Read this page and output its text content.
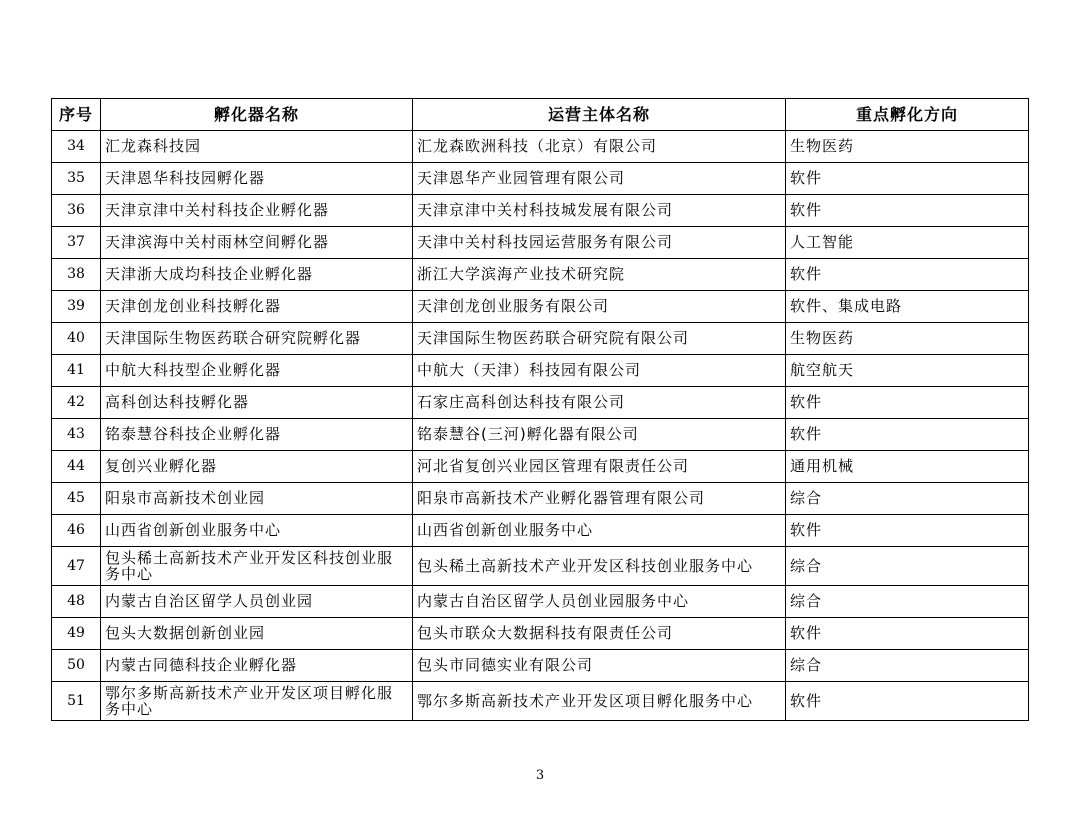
序号	孵化器名称	运营主体名称	重点孵化方向
34	汇龙森科技园	汇龙森欧洲科技（北京）有限公司	生物医药
35	天津恩华科技园孵化器	天津恩华产业园管理有限公司	软件
36	天津京津中关村科技企业孵化器	天津京津中关村科技城发展有限公司	软件
37	天津滨海中关村雨林空间孵化器	天津中关村科技园运营服务有限公司	人工智能
38	天津浙大成均科技企业孵化器	浙江大学滨海产业技术研究院	软件
39	天津创龙创业科技孵化器	天津创龙创业服务有限公司	软件、集成电路
40	天津国际生物医药联合研究院孵化器	天津国际生物医药联合研究院有限公司	生物医药
41	中航大科技型企业孵化器	中航大（天津）科技园有限公司	航空航天
42	高科创达科技孵化器	石家庄高科创达科技有限公司	软件
43	铭泰慧谷科技企业孵化器	铭泰慧谷(三河)孵化器有限公司	软件
44	复创兴业孵化器	河北省复创兴业园区管理有限责任公司	通用机械
45	阳泉市高新技术创业园	阳泉市高新技术产业孵化器管理有限公司	综合
46	山西省创新创业服务中心	山西省创新创业服务中心	软件
47	包头稀土高新技术产业开发区科技创业服务中心	包头稀土高新技术产业开发区科技创业服务中心	综合
48	内蒙古自治区留学人员创业园	内蒙古自治区留学人员创业园服务中心	综合
49	包头大数据创新创业园	包头市联众大数据科技有限责任公司	软件
50	内蒙古同德科技企业孵化器	包头市同德实业有限公司	综合
51	鄂尔多斯高新技术产业开发区项目孵化服务中心	鄂尔多斯高新技术产业开发区项目孵化服务中心	软件
3
